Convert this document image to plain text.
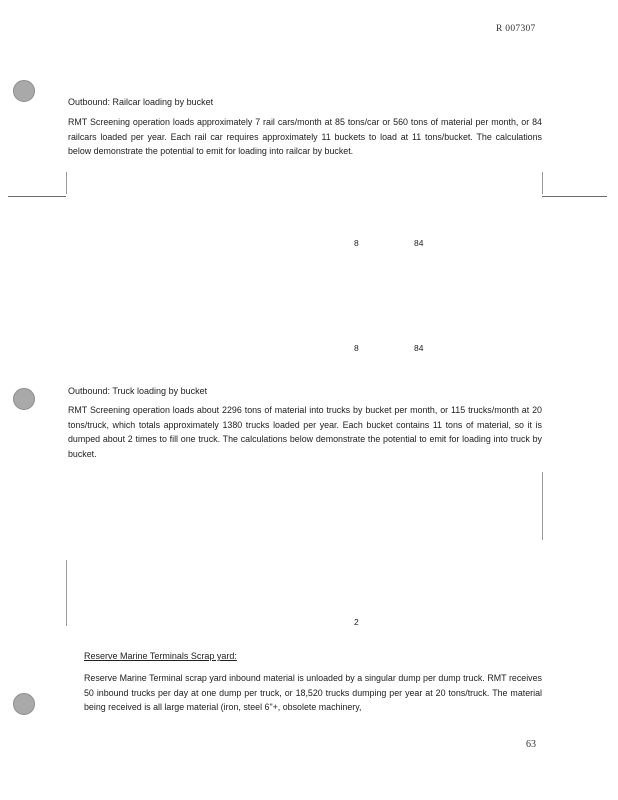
R 007307
Outbound: Railcar loading by bucket
RMT Screening operation loads approximately 7 rail cars/month at 85 tons/car or 560 tons of material per month, or 84 railcars loaded per year. Each rail car requires approximately 11 buckets to load at 11 tons/bucket. The calculations below demonstrate the potential to emit for loading into railcar by bucket.
8	84
8	84
Outbound: Truck loading by bucket
RMT Screening operation loads about 2296 tons of material into trucks by bucket per month, or 115 trucks/month at 20 tons/truck, which totals approximately 1380 trucks loaded per year. Each bucket contains 11 tons of material, so it is dumped about 2 times to fill one truck. The calculations below demonstrate the potential to emit for loading into truck by bucket.
2
Reserve Marine Terminals Scrap yard:
Reserve Marine Terminal scrap yard inbound material is unloaded by a singular dump per dump truck. RMT receives 50 inbound trucks per day at one dump per truck, or 18,520 trucks dumping per year at 20 tons/truck. The material being received is all large material (iron, steel 6"+, obsolete machinery,
63
